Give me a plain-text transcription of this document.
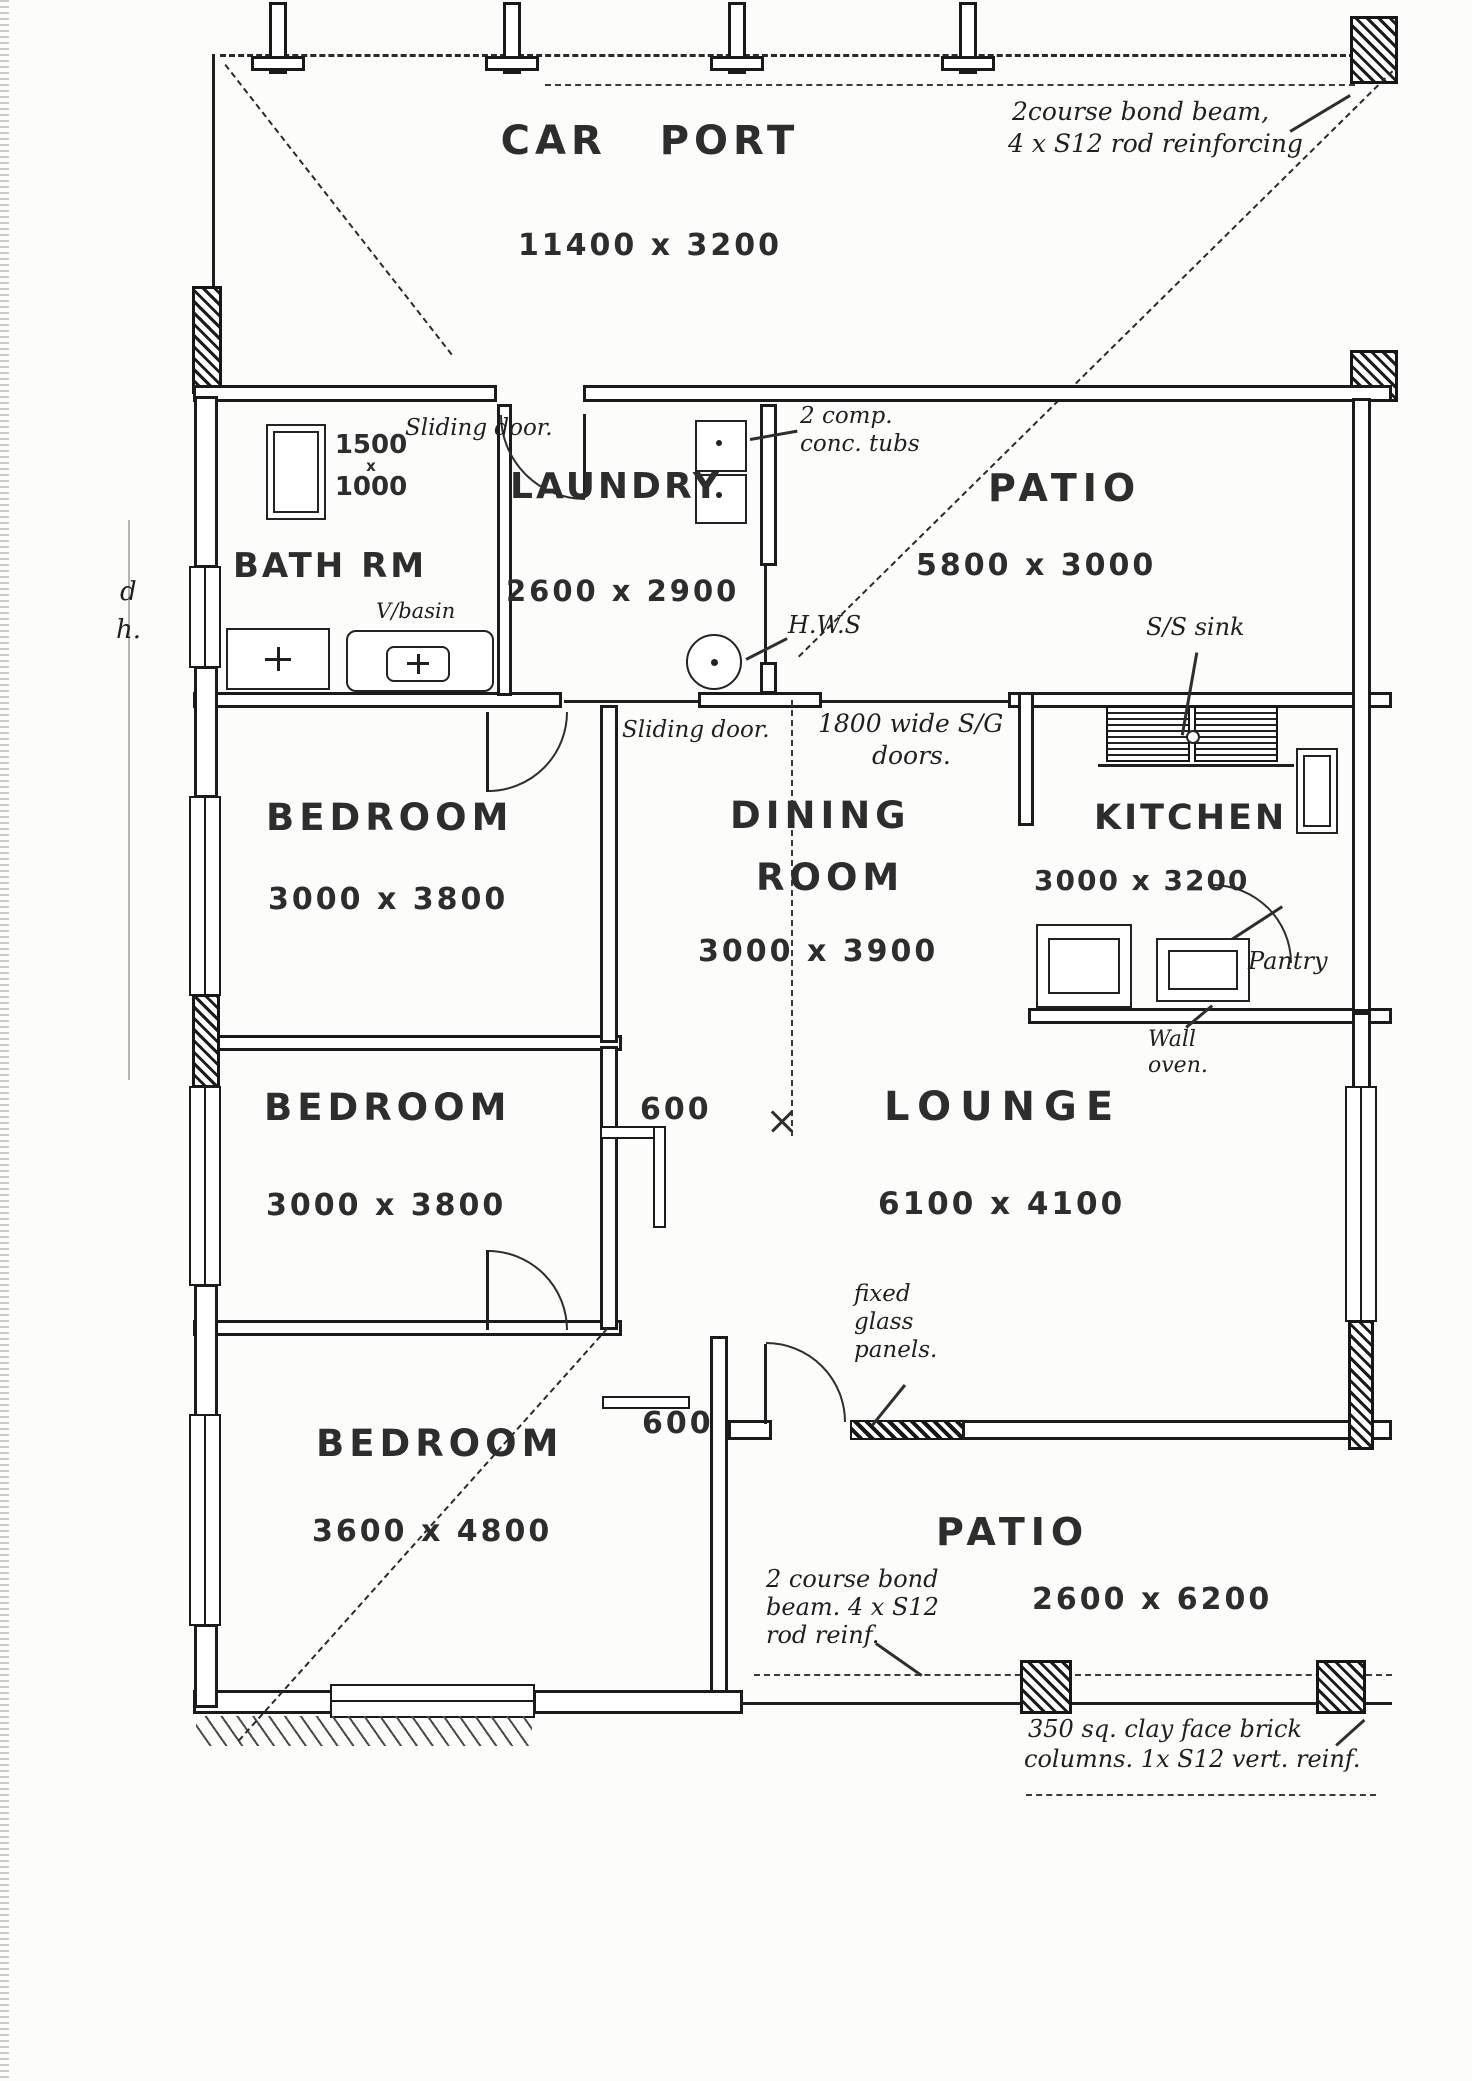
d
h.
CAR PORT
11400 x 3200
2course bond beam,
4 x S12 rod reinforcing
Sliding door.
1500
x
1000
BATH RM
V/basin
LAUNDRY
2600 x 2900
2 comp.
conc. tubs
H.W.S
PATIO
5800 x 3000
S/S sink
Sliding door. 1800 wide S/G
doors.
BEDROOM
3000 x 3800
DINING
ROOM
3000 x 3900
KITCHEN
3000 x 3200
Pantry
Wall
oven.
BEDROOM
3000 x 3800
600	LOUNGE
6100 x 4100
fixed
glass
panels.
600
BEDROOM
3600 x 4800
2 course bond
beam. 4 x S12
rod reinf.
PATIO
2600 x 6200
350 sq. clay face brick
columns. 1x S12 vert. reinf.
